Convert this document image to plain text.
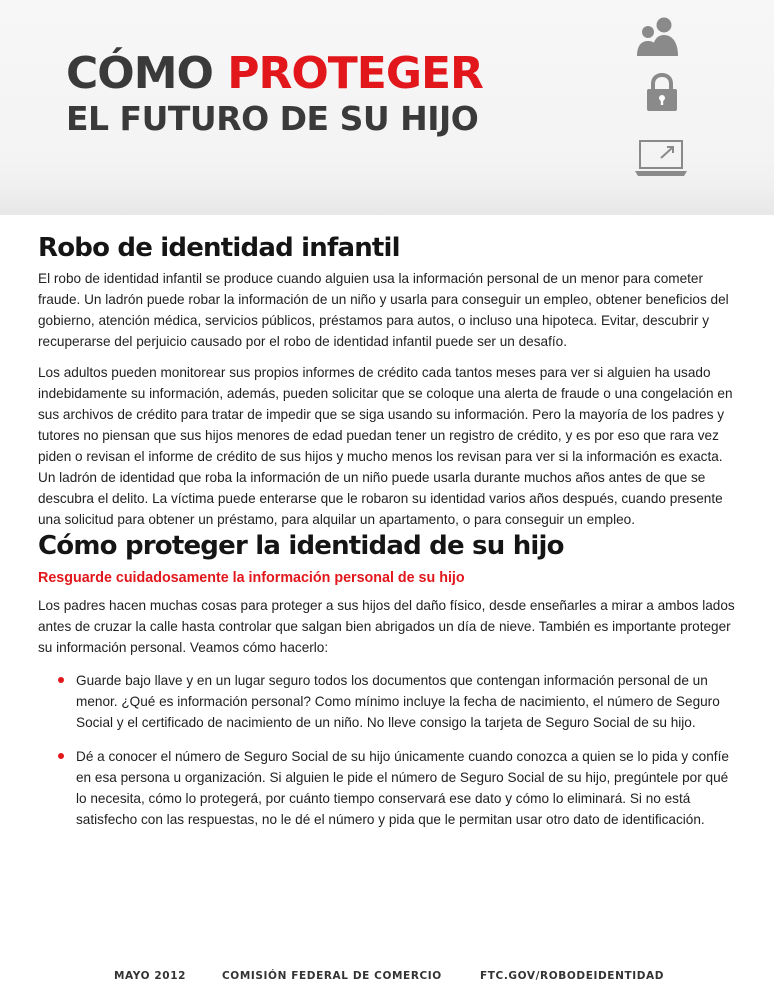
CÓMO PROTEGER
EL FUTURO DE SU HIJO
Robo de identidad infantil

El robo de identidad infantil se produce cuando alguien usa la información personal de un menor para cometer fraude. Un ladrón puede robar la información de un niño y usarla para conseguir un empleo, obtener beneficios del gobierno, atención médica, servicios públicos, préstamos para autos, o incluso una hipoteca. Evitar, descubrir y recuperarse del perjuicio causado por el robo de identidad infantil puede ser un desafío.

Los adultos pueden monitorear sus propios informes de crédito cada tantos meses para ver si alguien ha usado indebidamente su información, además, pueden solicitar que se coloque una alerta de fraude o una congelación en sus archivos de crédito para tratar de impedir que se siga usando su información. Pero la mayoría de los padres y tutores no piensan que sus hijos menores de edad puedan tener un registro de crédito, y es por eso que rara vez piden o revisan el informe de crédito de sus hijos y mucho menos los revisan para ver si la información es exacta. Un ladrón de identidad que roba la información de un niño puede usarla durante muchos años antes de que se descubra el delito. La víctima puede enterarse que le robaron su identidad varios años después, cuando presente una solicitud para obtener un préstamo, para alquilar un apartamento, o para conseguir un empleo.

Cómo proteger la identidad de su hijo
Resguarde cuidadosamente la información personal de su hijo

Los padres hacen muchas cosas para proteger a sus hijos del daño físico, desde enseñarles a mirar a ambos lados antes de cruzar la calle hasta controlar que salgan bien abrigados un día de nieve. También es importante proteger su información personal. Veamos cómo hacerlo:

Guarde bajo llave y en un lugar seguro todos los documentos que contengan información personal de un menor. ¿Qué es información personal? Como mínimo incluye la fecha de nacimiento, el número de Seguro Social y el certificado de nacimiento de un niño. No lleve consigo la tarjeta de Seguro Social de su hijo.
Dé a conocer el número de Seguro Social de su hijo únicamente cuando conozca a quien se lo pida y confíe en esa persona u organización. Si alguien le pide el número de Seguro Social de su hijo, pregúntele por qué lo necesita, cómo lo protegerá, por cuánto tiempo conservará ese dato y cómo lo eliminará. Si no está satisfecho con las respuestas, no le dé el número y pida que le permitan usar otro dato de identificación.
MAYO 2012	COMISIÓN FEDERAL DE COMERCIO	FTC.GOV/ROBODEIDENTIDAD
